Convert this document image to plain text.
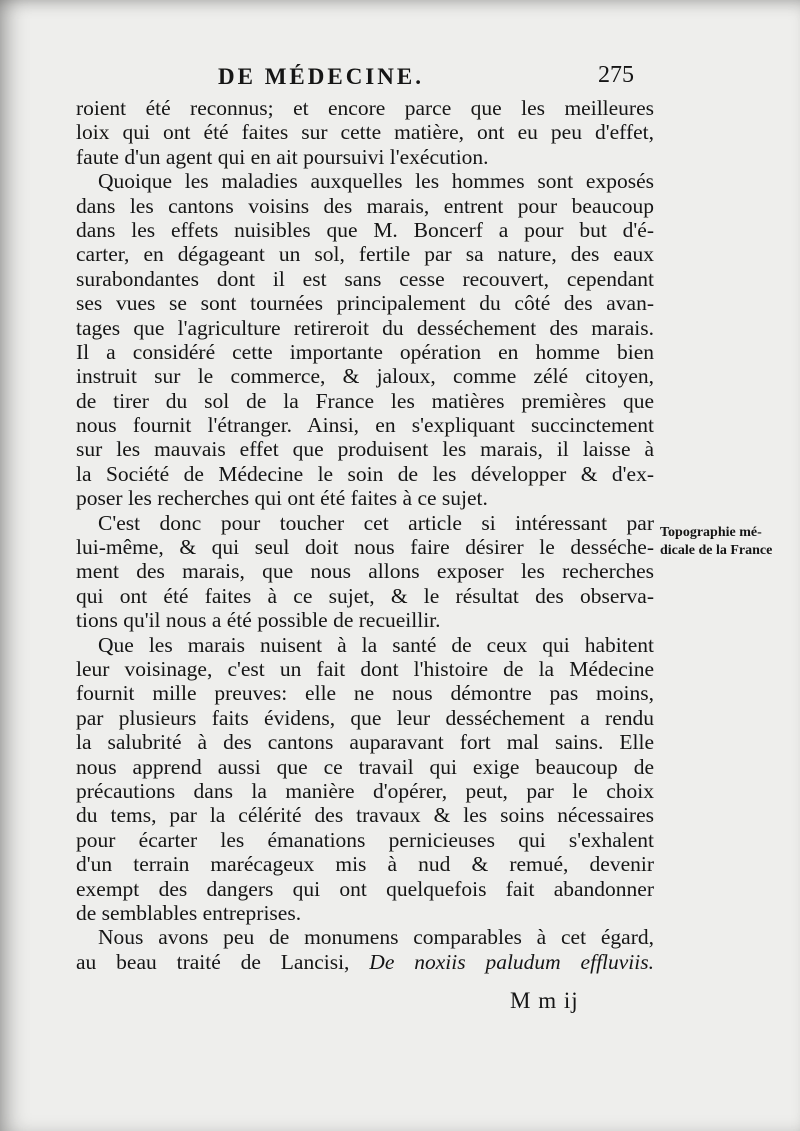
DE MÉDECINE.	275
roient été reconnus; et encore parce que les meilleures
loix qui ont été faites sur cette matière, ont eu peu d'effet,
faute d'un agent qui en ait poursuivi l'exécution.
Quoique les maladies auxquelles les hommes sont exposés
dans les cantons voisins des marais, entrent pour beaucoup
dans les effets nuisibles que M. Boncerf a pour but d'é-
carter, en dégageant un sol, fertile par sa nature, des eaux
surabondantes dont il est sans cesse recouvert, cependant
ses vues se sont tournées principalement du côté des avan-
tages que l'agriculture retireroit du desséchement des marais.
Il a considéré cette importante opération en homme bien
instruit sur le commerce, & jaloux, comme zélé citoyen,
de tirer du sol de la France les matières premières que
nous fournit l'étranger. Ainsi, en s'expliquant succinctement
sur les mauvais effet que produisent les marais, il laisse à
la Société de Médecine le soin de les développer & d'ex-
poser les recherches qui ont été faites à ce sujet.
C'est donc pour toucher cet article si intéressant par
lui-même, & qui seul doit nous faire désirer le desséche-
ment des marais, que nous allons exposer les recherches
qui ont été faites à ce sujet, & le résultat des observa-
tions qu'il nous a été possible de recueillir.
Que les marais nuisent à la santé de ceux qui habitent
leur voisinage, c'est un fait dont l'histoire de la Médecine
fournit mille preuves: elle ne nous démontre pas moins,
par plusieurs faits évidens, que leur desséchement a rendu
la salubrité à des cantons auparavant fort mal sains. Elle
nous apprend aussi que ce travail qui exige beaucoup de
précautions dans la manière d'opérer, peut, par le choix
du tems, par la célérité des travaux & les soins nécessaires
pour écarter les émanations pernicieuses qui s'exhalent
d'un terrain marécageux mis à nud & remué, devenir
exempt des dangers qui ont quelquefois fait abandonner
de semblables entreprises.
Nous avons peu de monumens comparables à cet égard,
au beau traité de Lancisi, De noxiis paludum effluviis.
Topographie mé-
dicale de la France
M m ij
